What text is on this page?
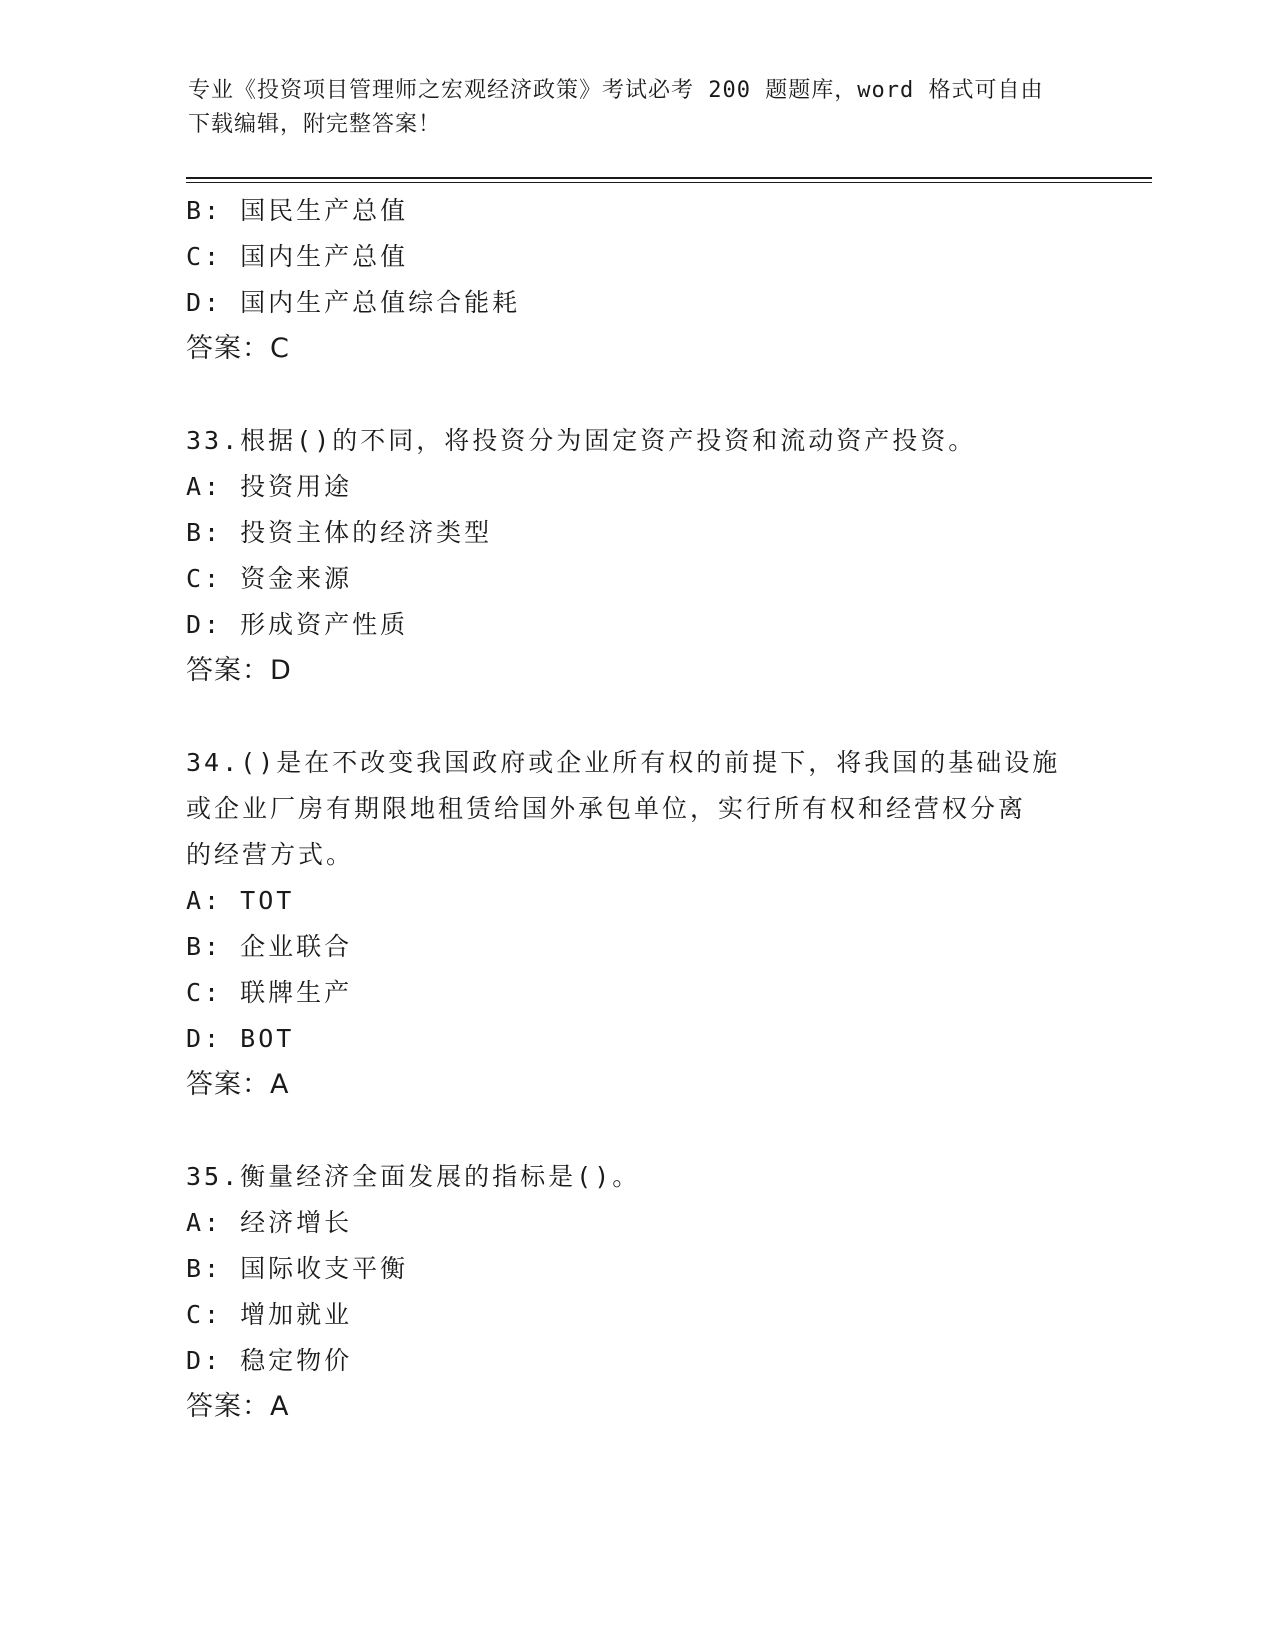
专业《投资项目管理师之宏观经济政策》考试必考 200 题题库，word 格式可自由
下载编辑，附完整答案！
B: 国民生产总值
C: 国内生产总值
D: 国内生产总值综合能耗
答案：C
33.根据()的不同，将投资分为固定资产投资和流动资产投资。
A: 投资用途
B: 投资主体的经济类型
C: 资金来源
D: 形成资产性质
答案：D
34.()是在不改变我国政府或企业所有权的前提下，将我国的基础设施
或企业厂房有期限地租赁给国外承包单位，实行所有权和经营权分离
的经营方式。
A: TOT
B: 企业联合
C: 联牌生产
D: BOT
答案：A
35.衡量经济全面发展的指标是()。
A: 经济增长
B: 国际收支平衡
C: 增加就业
D: 稳定物价
答案：A
